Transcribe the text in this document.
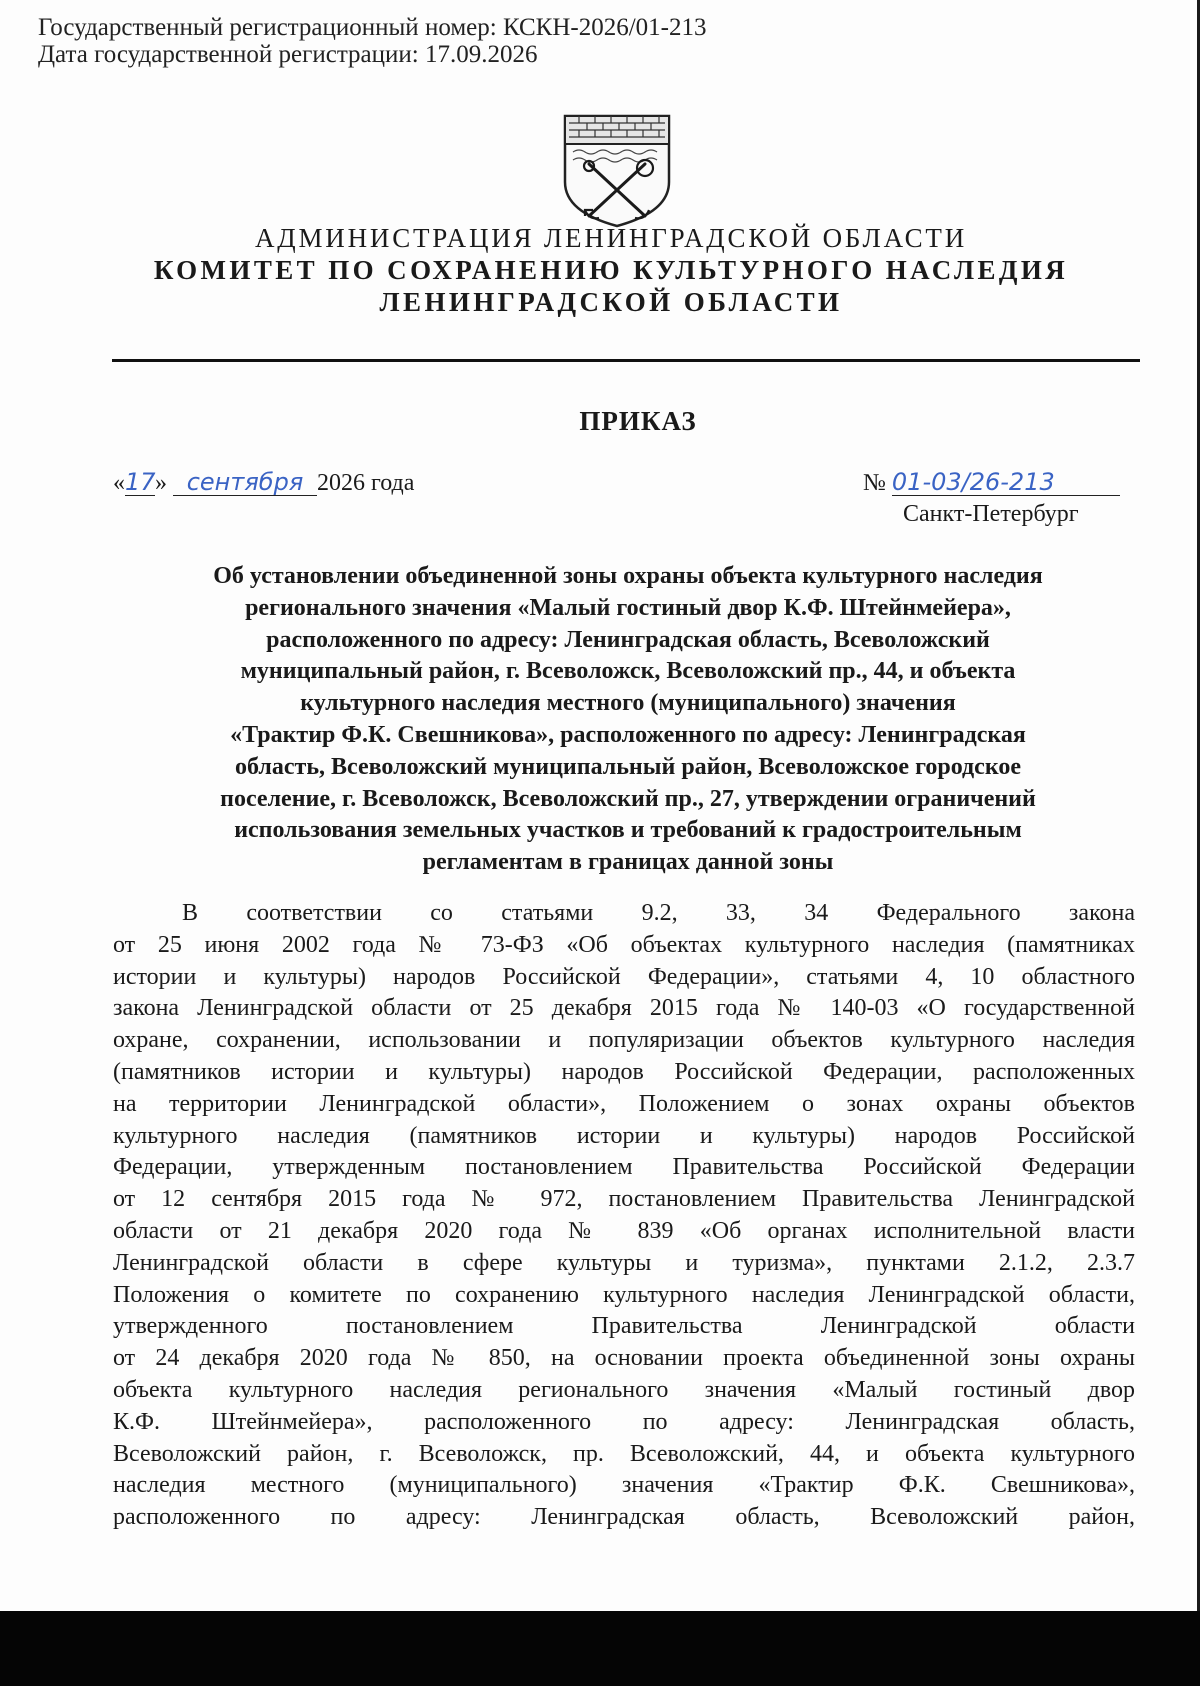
Государственный регистрационный номер: КСКН-2026/01-213
Дата государственной регистрации: 17.09.2026
АДМИНИСТРАЦИЯ ЛЕНИНГРАДСКОЙ ОБЛАСТИ
КОМИТЕТ ПО СОХРАНЕНИЮ КУЛЬТУРНОГО НАСЛЕДИЯ
ЛЕНИНГРАДСКОЙ ОБЛАСТИ
ПРИКАЗ
«17» сентября 2026 года	№ 01-03/26-213
Санкт-Петербург
Об установлении объединенной зоны охраны объекта культурного наследия
регионального значения «Малый гостиный двор К.Ф. Штейнмейера»,
расположенного по адресу: Ленинградская область, Всеволожский
муниципальный район, г. Всеволожск, Всеволожский пр., 44, и объекта
культурного наследия местного (муниципального) значения
«Трактир Ф.К. Свешникова», расположенного по адресу: Ленинградская
область, Всеволожский муниципальный район, Всеволожское городское
поселение, г. Всеволожск, Всеволожский пр., 27, утверждении ограничений
использования земельных участков и требований к градостроительным
регламентам в границах данной зоны
В соответствии со статьями 9.2, 33, 34 Федерального закона
от 25 июня 2002 года № 73-ФЗ «Об объектах культурного наследия (памятниках
истории и культуры) народов Российской Федерации», статьями 4, 10 областного
закона Ленинградской области от 25 декабря 2015 года № 140-03 «О государственной
охране, сохранении, использовании и популяризации объектов культурного наследия
(памятников истории и культуры) народов Российской Федерации, расположенных
на территории Ленинградской области», Положением о зонах охраны объектов
культурного наследия (памятников истории и культуры) народов Российской
Федерации, утвержденным постановлением Правительства Российской Федерации
от 12 сентября 2015 года № 972, постановлением Правительства Ленинградской
области от 21 декабря 2020 года № 839 «Об органах исполнительной власти
Ленинградской области в сфере культуры и туризма», пунктами 2.1.2, 2.3.7
Положения о комитете по сохранению культурного наследия Ленинградской области,
утвержденного постановлением Правительства Ленинградской области
от 24 декабря 2020 года № 850, на основании проекта объединенной зоны охраны
объекта культурного наследия регионального значения «Малый гостиный двор
К.Ф. Штейнмейера», расположенного по адресу: Ленинградская область,
Всеволожский район, г. Всеволожск, пр. Всеволожский, 44, и объекта культурного
наследия местного (муниципального) значения «Трактир Ф.К. Свешникова»,
расположенного по адресу: Ленинградская область, Всеволожский район,
